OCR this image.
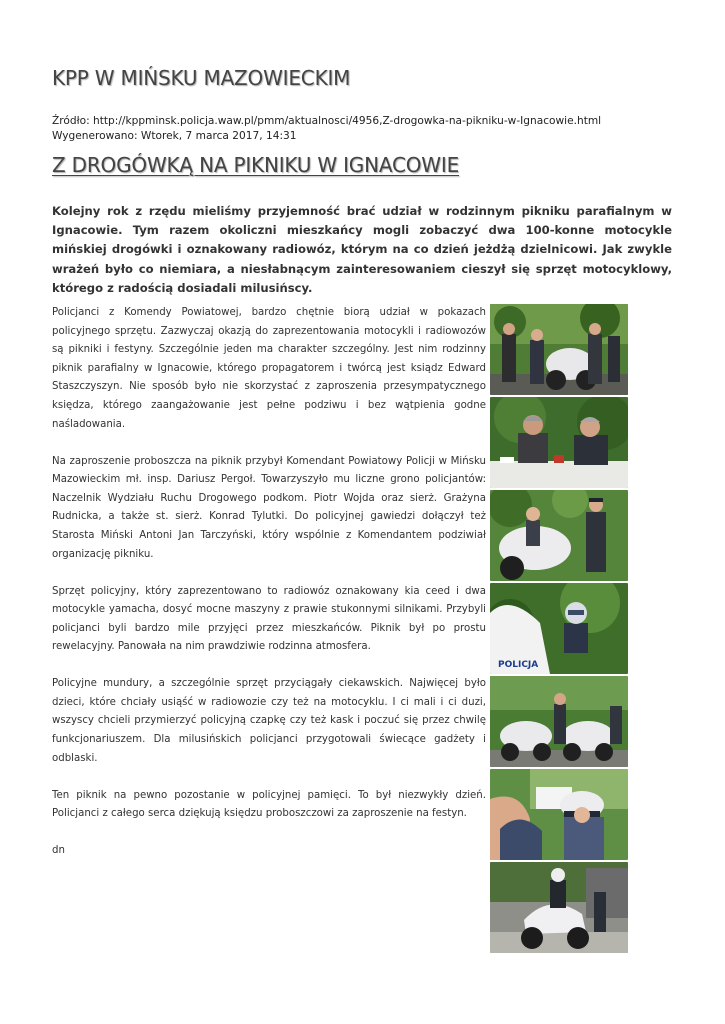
KPP W MIŃSKU MAZOWIECKIM
Źródło: http://kppminsk.policja.waw.pl/pmm/aktualnosci/4956,Z-drogowka-na-pikniku-w-Ignacowie.html
Wygenerowano: Wtorek, 7 marca 2017, 14:31
Z DROGÓWKĄ NA PIKNIKU W IGNACOWIE

Kolejny rok z rzędu mieliśmy przyjemność brać udział w rodzinnym pikniku parafialnym w Ignacowie. Tym razem okoliczni mieszkańcy mogli zobaczyć dwa 100-konne motocykle mińskiej drogówki i oznakowany radiowóz, którym na co dzień jeżdżą dzielnicowi. Jak zwykle wrażeń było co niemiara, a niesłabnącym zainteresowaniem cieszył się sprzęt motocyklowy, którego z radością dosiadali milusińscy.

Policjanci z Komendy Powiatowej, bardzo chętnie biorą udział w pokazach policyjnego sprzętu. Zazwyczaj okazją do zaprezentowania motocykli i radiowozów są pikniki i festyny. Szczególnie jeden ma charakter szczególny. Jest nim rodzinny piknik parafialny w Ignacowie, którego propagatorem i twórcą jest ksiądz Edward Staszczyszyn. Nie sposób było nie skorzystać z zaproszenia przesympatycznego księdza, którego zaangażowanie jest pełne podziwu i bez wątpienia godne naśladowania.

Na zaproszenie proboszcza na piknik przybył Komendant Powiatowy Policji w Mińsku Mazowieckim mł. insp. Dariusz Pergoł. Towarzyszyło mu liczne grono policjantów: Naczelnik Wydziału Ruchu Drogowego podkom. Piotr Wojda oraz sierż. Grażyna Rudnicka, a także st. sierż. Konrad Tylutki. Do policyjnej gawiedzi dołączył też Starosta Miński Antoni Jan Tarczyński, który wspólnie z Komendantem podziwiał organizację pikniku.

Sprzęt policyjny, który zaprezentowano to radiowóz oznakowany kia ceed i dwa motocykle yamacha, dosyć mocne maszyny z prawie stukonnymi silnikami. Przybyli policjanci byli bardzo mile przyjęci przez mieszkańców. Piknik był po prostu rewelacyjny. Panowała na nim prawdziwie rodzinna atmosfera.

Policyjne mundury, a szczególnie sprzęt przyciągały ciekawskich. Najwięcej było dzieci, które chciały usiąść w radiowozie czy też na motocyklu. I ci mali i ci duzi, wszyscy chcieli przymierzyć policyjną czapkę czy też kask i poczuć się przez chwilę funkcjonariuszem. Dla milusińskich policjanci przygotowali świecące gadżety i odblaski.

Ten piknik na pewno pozostanie w policyjnej pamięci. To był niezwykły dzień. Policjanci z całego serca dziękują księdzu proboszczowi za zaproszenie na festyn.

dn

POLICJA
